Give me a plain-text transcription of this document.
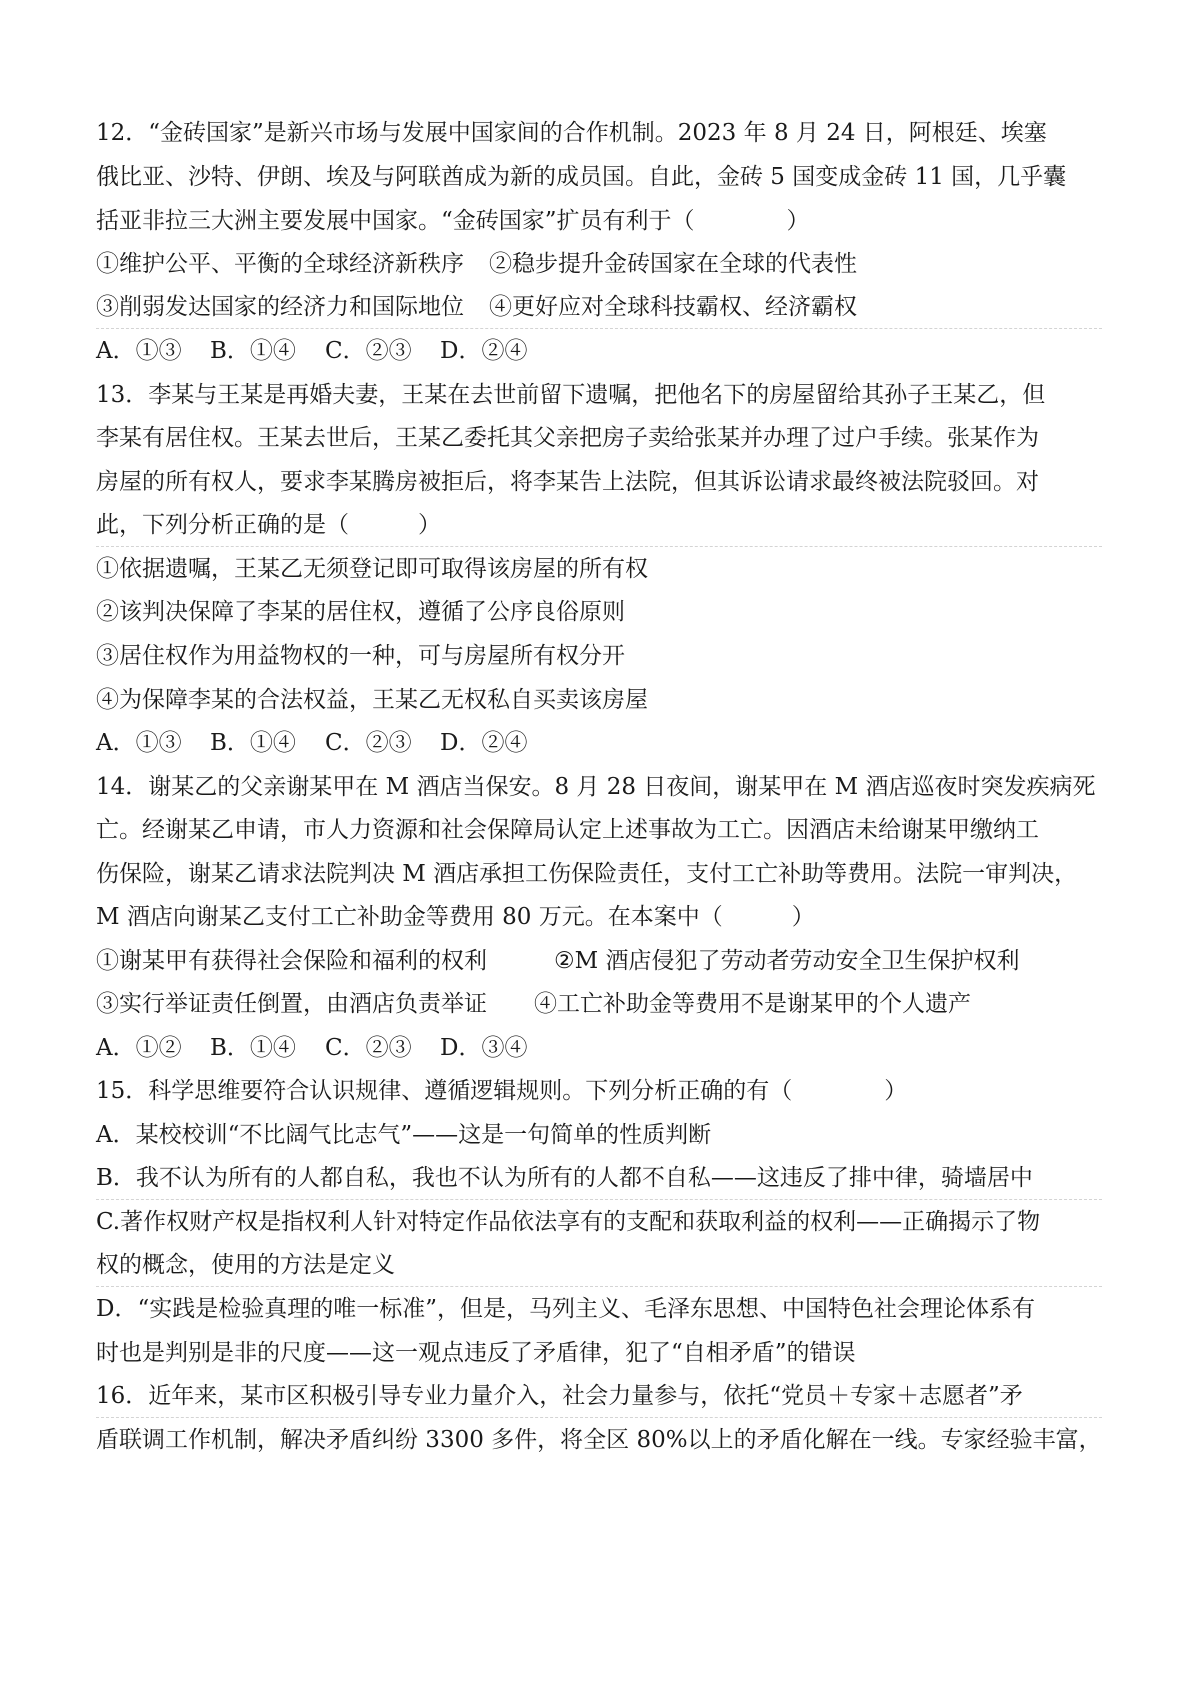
12．“金砖国家”是新兴市场与发展中国家间的合作机制。2023 年 8 月 24 日，阿根廷、埃塞
俄比亚、沙特、伊朗、埃及与阿联酋成为新的成员国。自此，金砖 5 国变成金砖 11 国，几乎囊
括亚非拉三大洲主要发展中国家。“金砖国家”扩员有利于（　　　　）
①维护公平、平衡的全球经济新秩序 ②稳步提升金砖国家在全球的代表性
③削弱发达国家的经济力和国际地位 ④更好应对全球科技霸权、经济霸权
A．①③ B．①④ C．②③ D．②④
13．李某与王某是再婚夫妻，王某在去世前留下遗嘱，把他名下的房屋留给其孙子王某乙，但
李某有居住权。王某去世后，王某乙委托其父亲把房子卖给张某并办理了过户手续。张某作为
房屋的所有权人，要求李某腾房被拒后，将李某告上法院，但其诉讼请求最终被法院驳回。对
此，下列分析正确的是（　　　）
①依据遗嘱，王某乙无须登记即可取得该房屋的所有权
②该判决保障了李某的居住权，遵循了公序良俗原则
③居住权作为用益物权的一种，可与房屋所有权分开
④为保障李某的合法权益，王某乙无权私自买卖该房屋
A．①③ B．①④ C．②③ D．②④
14．谢某乙的父亲谢某甲在 M 酒店当保安。8 月 28 日夜间，谢某甲在 M 酒店巡夜时突发疾病死
亡。经谢某乙申请，市人力资源和社会保障局认定上述事故为工亡。因酒店未给谢某甲缴纳工
伤保险，谢某乙请求法院判决 M 酒店承担工伤保险责任，支付工亡补助等费用。法院一审判决，
M 酒店向谢某乙支付工亡补助金等费用 80 万元。在本案中（　　　）
①谢某甲有获得社会保险和福利的权利	②M 酒店侵犯了劳动者劳动安全卫生保护权利
③实行举证责任倒置，由酒店负责举证 ④工亡补助金等费用不是谢某甲的个人遗产
A．①② B．①④ C．②③ D．③④
15．科学思维要符合认识规律、遵循逻辑规则。下列分析正确的有（　　　　）
A．某校校训“不比阔气比志气”——这是一句简单的性质判断
B．我不认为所有的人都自私，我也不认为所有的人都不自私——这违反了排中律，骑墙居中
C.著作权财产权是指权利人针对特定作品依法享有的支配和获取利益的权利——正确揭示了物
权的概念，使用的方法是定义
D．“实践是检验真理的唯一标准”，但是，马列主义、毛泽东思想、中国特色社会理论体系有
时也是判别是非的尺度——这一观点违反了矛盾律，犯了“自相矛盾”的错误
16．近年来，某市区积极引导专业力量介入，社会力量参与，依托“党员＋专家＋志愿者”矛
盾联调工作机制，解决矛盾纠纷 3300 多件，将全区 80%以上的矛盾化解在一线。专家经验丰富，
